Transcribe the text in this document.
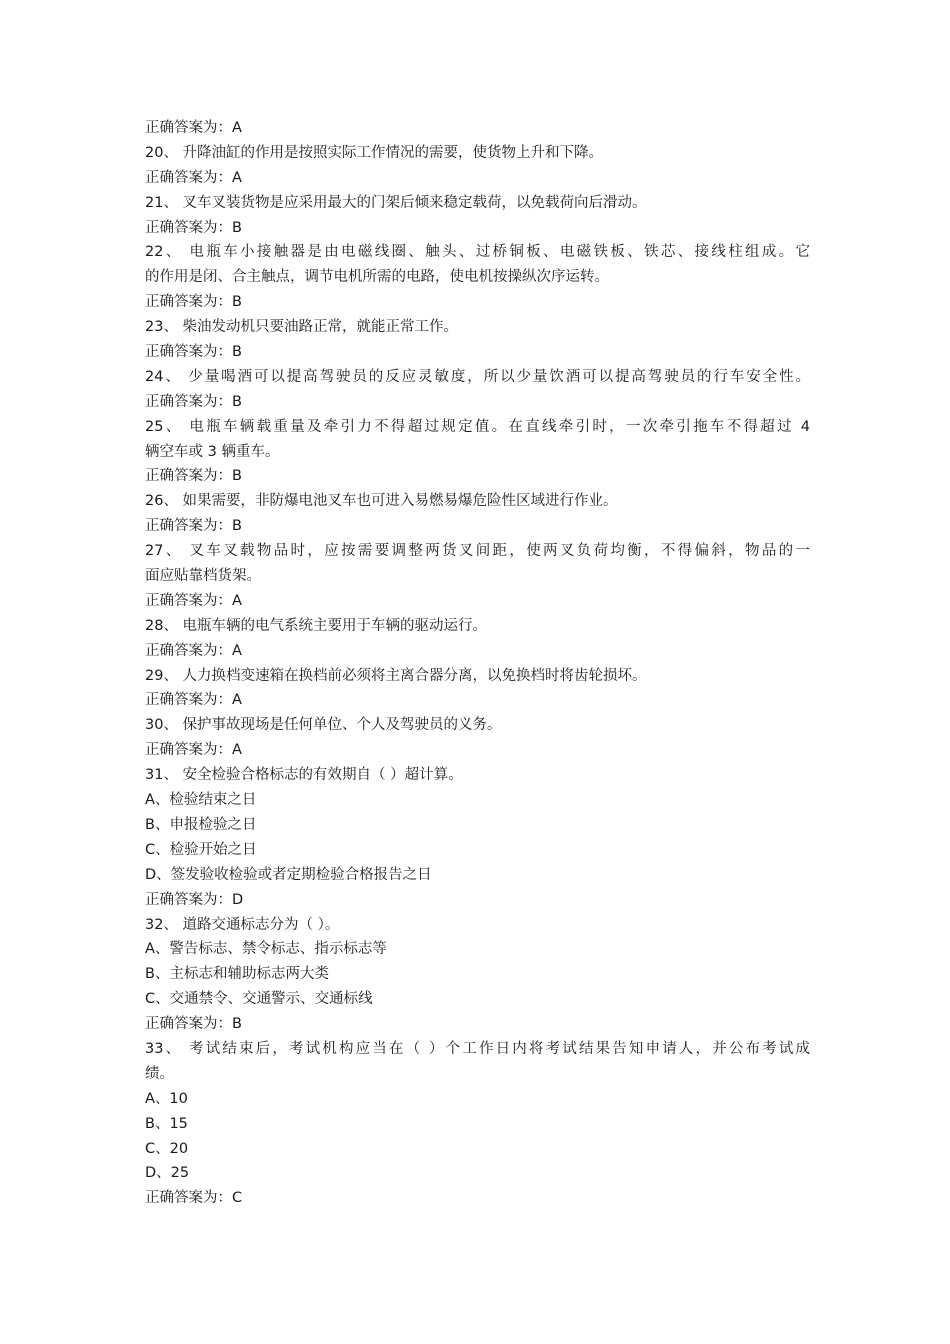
正确答案为：A
20、 升降油缸的作用是按照实际工作情况的需要，使货物上升和下降。
正确答案为：A
21、 叉车叉装货物是应采用最大的门架后倾来稳定载荷，以免载荷向后滑动。
正确答案为：B
22、 电瓶车小接触器是由电磁线圈、触头、过桥铜板、电磁铁板、铁芯、接线柱组成。它
的作用是闭、合主触点，调节电机所需的电路，使电机按操纵次序运转。
正确答案为：B
23、 柴油发动机只要油路正常，就能正常工作。
正确答案为：B
24、 少量喝酒可以提高驾驶员的反应灵敏度，所以少量饮酒可以提高驾驶员的行车安全性。
正确答案为：B
25、 电瓶车辆载重量及牵引力不得超过规定值。在直线牵引时，一次牵引拖车不得超过 4
辆空车或 3 辆重车。
正确答案为：B
26、 如果需要，非防爆电池叉车也可进入易燃易爆危险性区域进行作业。
正确答案为：B
27、 叉车叉载物品时，应按需要调整两货叉间距，使两叉负荷均衡，不得偏斜，物品的一
面应贴靠档货架。
正确答案为：A
28、 电瓶车辆的电气系统主要用于车辆的驱动运行。
正确答案为：A
29、 人力换档变速箱在换档前必须将主离合器分离，以免换档时将齿轮损坏。
正确答案为：A
30、 保护事故现场是任何单位、个人及驾驶员的义务。
正确答案为：A
31、 安全检验合格标志的有效期自（ ）超计算。
A、检验结束之日
B、申报检验之日
C、检验开始之日
D、签发验收检验或者定期检验合格报告之日
正确答案为：D
32、 道路交通标志分为（ ）。
A、警告标志、禁令标志、指示标志等
B、主标志和辅助标志两大类
C、交通禁令、交通警示、交通标线
正确答案为：B
33、 考试结束后，考试机构应当在（ ）个工作日内将考试结果告知申请人，并公布考试成
绩。
A、10
B、15
C、20
D、25
正确答案为：C
